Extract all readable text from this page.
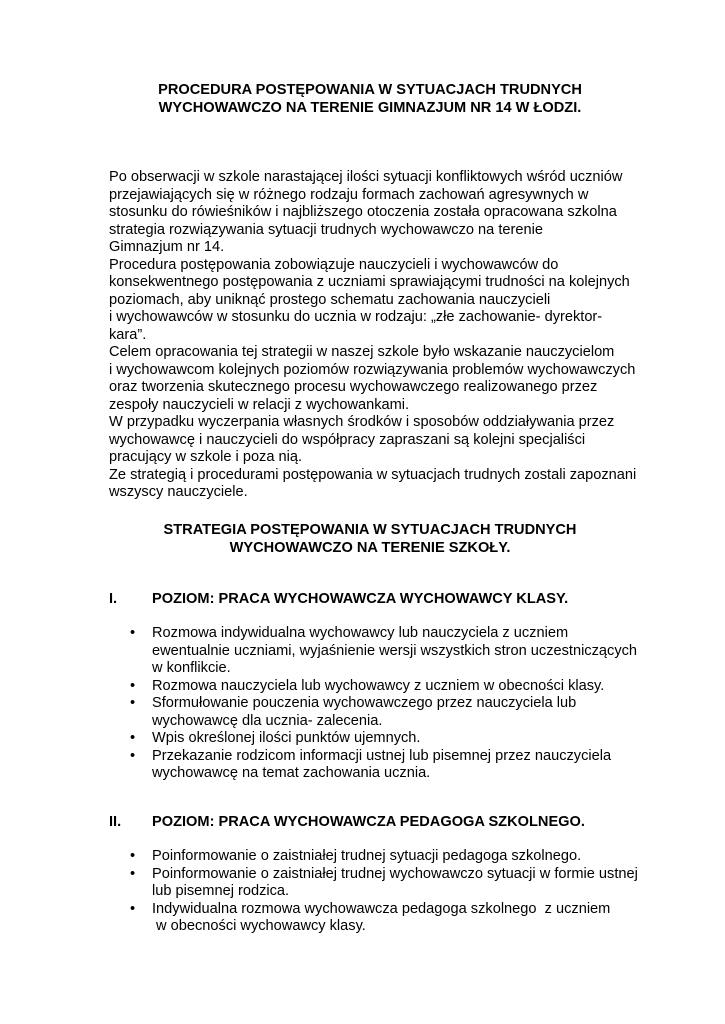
PROCEDURA POSTĘPOWANIA W SYTUACJACH TRUDNYCH
WYCHOWAWCZO NA TERENIE GIMNAZJUM NR 14 W ŁODZI.
Po obserwacji w szkole narastającej ilości sytuacji konfliktowych wśród uczniów
przejawiających się w różnego rodzaju formach zachowań agresywnych w
stosunku do rówieśników i najbliższego otoczenia została opracowana szkolna
strategia rozwiązywania sytuacji trudnych wychowawczo na terenie
Gimnazjum nr 14.
Procedura postępowania zobowiązuje nauczycieli i wychowawców do
konsekwentnego postępowania z uczniami sprawiającymi trudności na kolejnych
poziomach, aby uniknąć prostego schematu zachowania nauczycieli
i wychowawców w stosunku do ucznia w rodzaju: „złe zachowanie- dyrektor-
kara”.
Celem opracowania tej strategii w naszej szkole było wskazanie nauczycielom
i wychowawcom kolejnych poziomów rozwiązywania problemów wychowawczych
oraz tworzenia skutecznego procesu wychowawczego realizowanego przez
zespoły nauczycieli w relacji z wychowankami.
W przypadku wyczerpania własnych środków i sposobów oddziaływania przez
wychowawcę i nauczycieli do współpracy zapraszani są kolejni specjaliści
pracujący w szkole i poza nią.
Ze strategią i procedurami postępowania w sytuacjach trudnych zostali zapoznani
wszyscy nauczyciele.
STRATEGIA POSTĘPOWANIA W SYTUACJACH TRUDNYCH
WYCHOWAWCZO NA TERENIE SZKOŁY.
I. POZIOM: PRACA WYCHOWAWCZA WYCHOWAWCY KLASY.
• Rozmowa indywidualna wychowawcy lub nauczyciela z uczniem
ewentualnie uczniami, wyjaśnienie wersji wszystkich stron uczestniczących
w konflikcie.
• Rozmowa nauczyciela lub wychowawcy z uczniem w obecności klasy.
• Sformułowanie pouczenia wychowawczego przez nauczyciela lub
wychowawcę dla ucznia- zalecenia.
• Wpis określonej ilości punktów ujemnych.
• Przekazanie rodzicom informacji ustnej lub pisemnej przez nauczyciela
wychowawcę na temat zachowania ucznia.
II. POZIOM: PRACA WYCHOWAWCZA PEDAGOGA SZKOLNEGO.
• Poinformowanie o zaistniałej trudnej sytuacji pedagoga szkolnego.
• Poinformowanie o zaistniałej trudnej wychowawczo sytuacji w formie ustnej
lub pisemnej rodzica.
• Indywidualna rozmowa wychowawcza pedagoga szkolnego  z uczniem
w obecności wychowawcy klasy.
